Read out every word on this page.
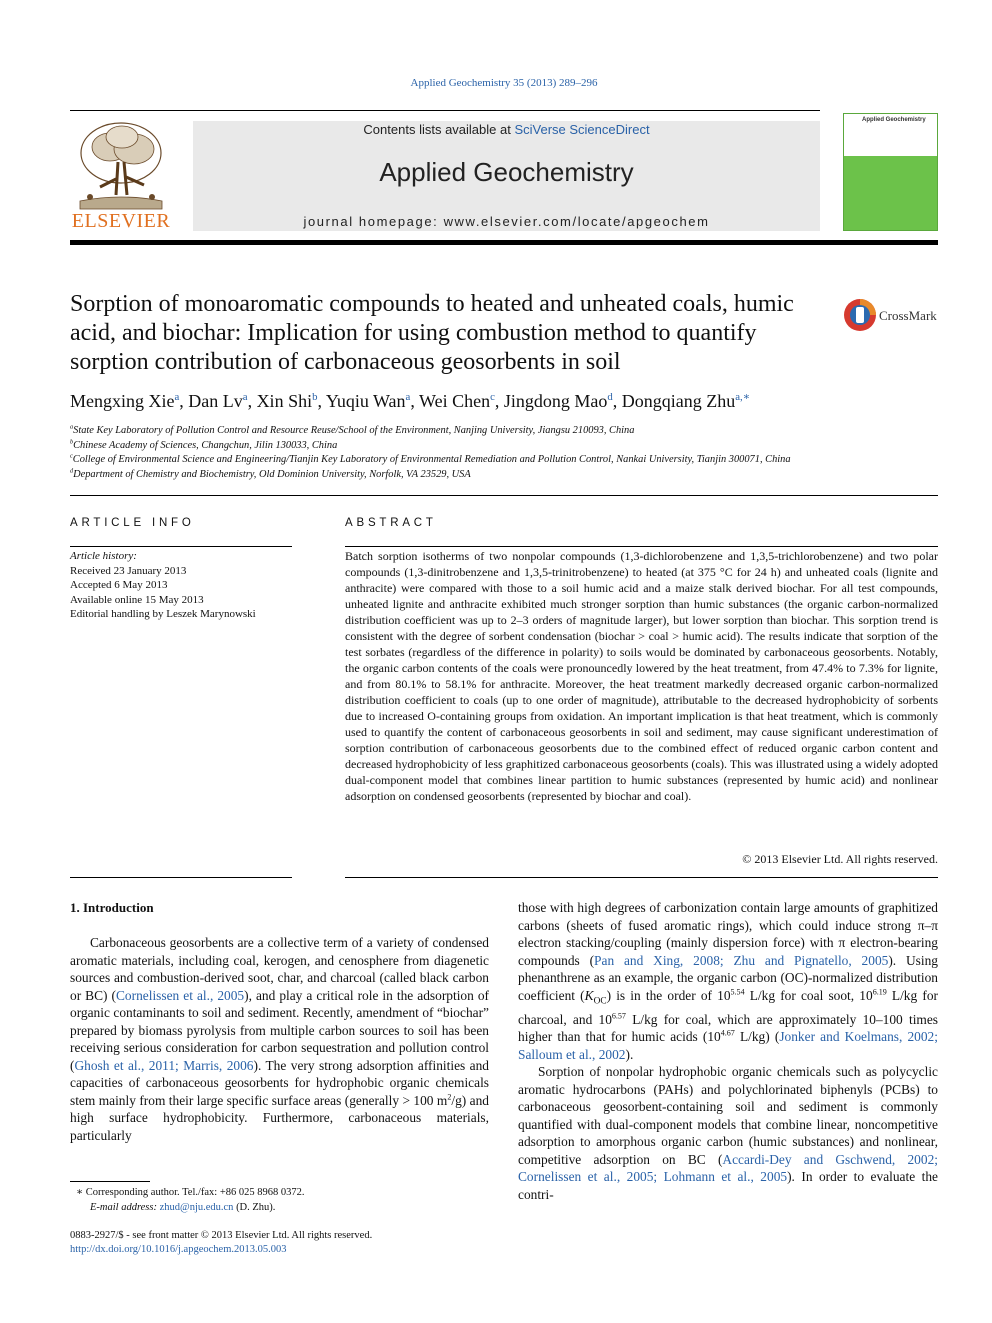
Applied Geochemistry 35 (2013) 289–296
ELSEVIER
Contents lists available at SciVerse ScienceDirect
Applied Geochemistry
journal homepage: www.elsevier.com/locate/apgeochem
Applied Geochemistry
Sorption of monoaromatic compounds to heated and unheated coals, humic acid, and biochar: Implication for using combustion method to quantify sorption contribution of carbonaceous geosorbents in soil
CrossMark
Mengxing Xie$^a$, Dan Lv$^a$, Xin Shi$^b$, Yuqiu Wan$^a$, Wei Chen$^c$, Jingdong Mao$^d$, Dongqiang Zhu$^{a,∗}$
$^a$State Key Laboratory of Pollution Control and Resource Reuse/School of the Environment, Nanjing University, Jiangsu 210093, China
$^b$Chinese Academy of Sciences, Changchun, Jilin 130033, China
$^c$College of Environmental Science and Engineering/Tianjin Key Laboratory of Environmental Remediation and Pollution Control, Nankai University, Tianjin 300071, China
$^d$Department of Chemistry and Biochemistry, Old Dominion University, Norfolk, VA 23529, USA
ARTICLE INFO	ABSTRACT
Article history:
Received 23 January 2013
Accepted 6 May 2013
Available online 15 May 2013
Editorial handling by Leszek Marynowski
Batch sorption isotherms of two nonpolar compounds (1,3-dichlorobenzene and 1,3,5-trichlorobenzene) and two polar compounds (1,3-dinitrobenzene and 1,3,5-trinitrobenzene) to heated (at 375 °C for 24 h) and unheated coals (lignite and anthracite) were compared with those to a soil humic acid and a maize stalk derived biochar. For all test compounds, unheated lignite and anthracite exhibited much stronger sorption than humic substances (the organic carbon-normalized distribution coefficient was up to 2–3 orders of magnitude larger), but lower sorption than biochar. This sorption trend is consistent with the degree of sorbent condensation (biochar > coal > humic acid). The results indicate that sorption of the test sorbates (regardless of the difference in polarity) to soils would be dominated by carbonaceous geosorbents. Notably, the organic carbon contents of the coals were pronouncedly lowered by the heat treatment, from 47.4% to 7.3% for lignite, and from 80.1% to 58.1% for anthracite. Moreover, the heat treatment markedly decreased organic carbon-normalized distribution coefficient to coals (up to one order of magnitude), attributable to the decreased hydrophobicity of sorbents due to increased O-containing groups from oxidation. An important implication is that heat treatment, which is commonly used to quantify the content of carbonaceous geosorbents in soil and sediment, may cause significant underestimation of sorption contribution of carbonaceous geosorbents due to the combined effect of reduced organic carbon content and decreased hydrophobicity of less graphitized carbonaceous geosorbents (coals). This was illustrated using a widely adopted dual-component model that combines linear partition to humic substances (represented by humic acid) and nonlinear adsorption on condensed geosorbents (represented by biochar and coal).
© 2013 Elsevier Ltd. All rights reserved.
1. Introduction

Carbonaceous geosorbents are a collective term of a variety of condensed aromatic materials, including coal, kerogen, and cenosphere from diagenetic sources and combustion-derived soot, char, and charcoal (called black carbon or BC) (Cornelissen et al., 2005), and play a critical role in the adsorption of organic contaminants to soil and sediment. Recently, amendment of “biochar” prepared by biomass pyrolysis from multiple carbon sources to soil has been receiving serious consideration for carbon sequestration and pollution control (Ghosh et al., 2011; Marris, 2006). The very strong adsorption affinities and capacities of carbonaceous geosorbents for hydrophobic organic chemicals stem mainly from their large specific surface areas (generally > 100 $m^2/g$) and high surface hydrophobicity. Furthermore, carbonaceous materials, particularly

those with high degrees of carbonization contain large amounts of graphitized carbons (sheets of fused aromatic rings), which could induce strong π–π electron stacking/coupling (mainly dispersion force) with π electron-bearing compounds (Pan and Xing, 2008; Zhu and Pignatello, 2005). Using phenanthrene as an example, the organic carbon (OC)-normalized distribution coefficient $(K_{OC})$ is in the order of $10^{5.54}$ L/kg for coal soot, $10^{6.19}$ L/kg for charcoal, and $10^{6.57}$ L/kg for coal, which are approximately 10–100 times higher than that for humic acids ($10^{4.67}$ L/kg) (Jonker and Koelmans, 2002; Salloum et al., 2002).

Sorption of nonpolar hydrophobic organic chemicals such as polycyclic aromatic hydrocarbons (PAHs) and polychlorinated biphenyls (PCBs) to carbonaceous geosorbent-containing soil and sediment is commonly quantified with dual-component models that combine linear, noncompetitive adsorption to amorphous organic carbon (humic substances) and nonlinear, competitive adsorption on BC (Accardi-Dey and Gschwend, 2002; Cornelissen et al., 2005; Lohmann et al., 2005). In order to evaluate the contri-

∗ Corresponding author. Tel./fax: +86 025 8968 0372.
E-mail address: zhud@nju.edu.cn (D. Zhu).
0883-2927/$ - see front matter © 2013 Elsevier Ltd. All rights reserved.
http://dx.doi.org/10.1016/j.apgeochem.2013.05.003
